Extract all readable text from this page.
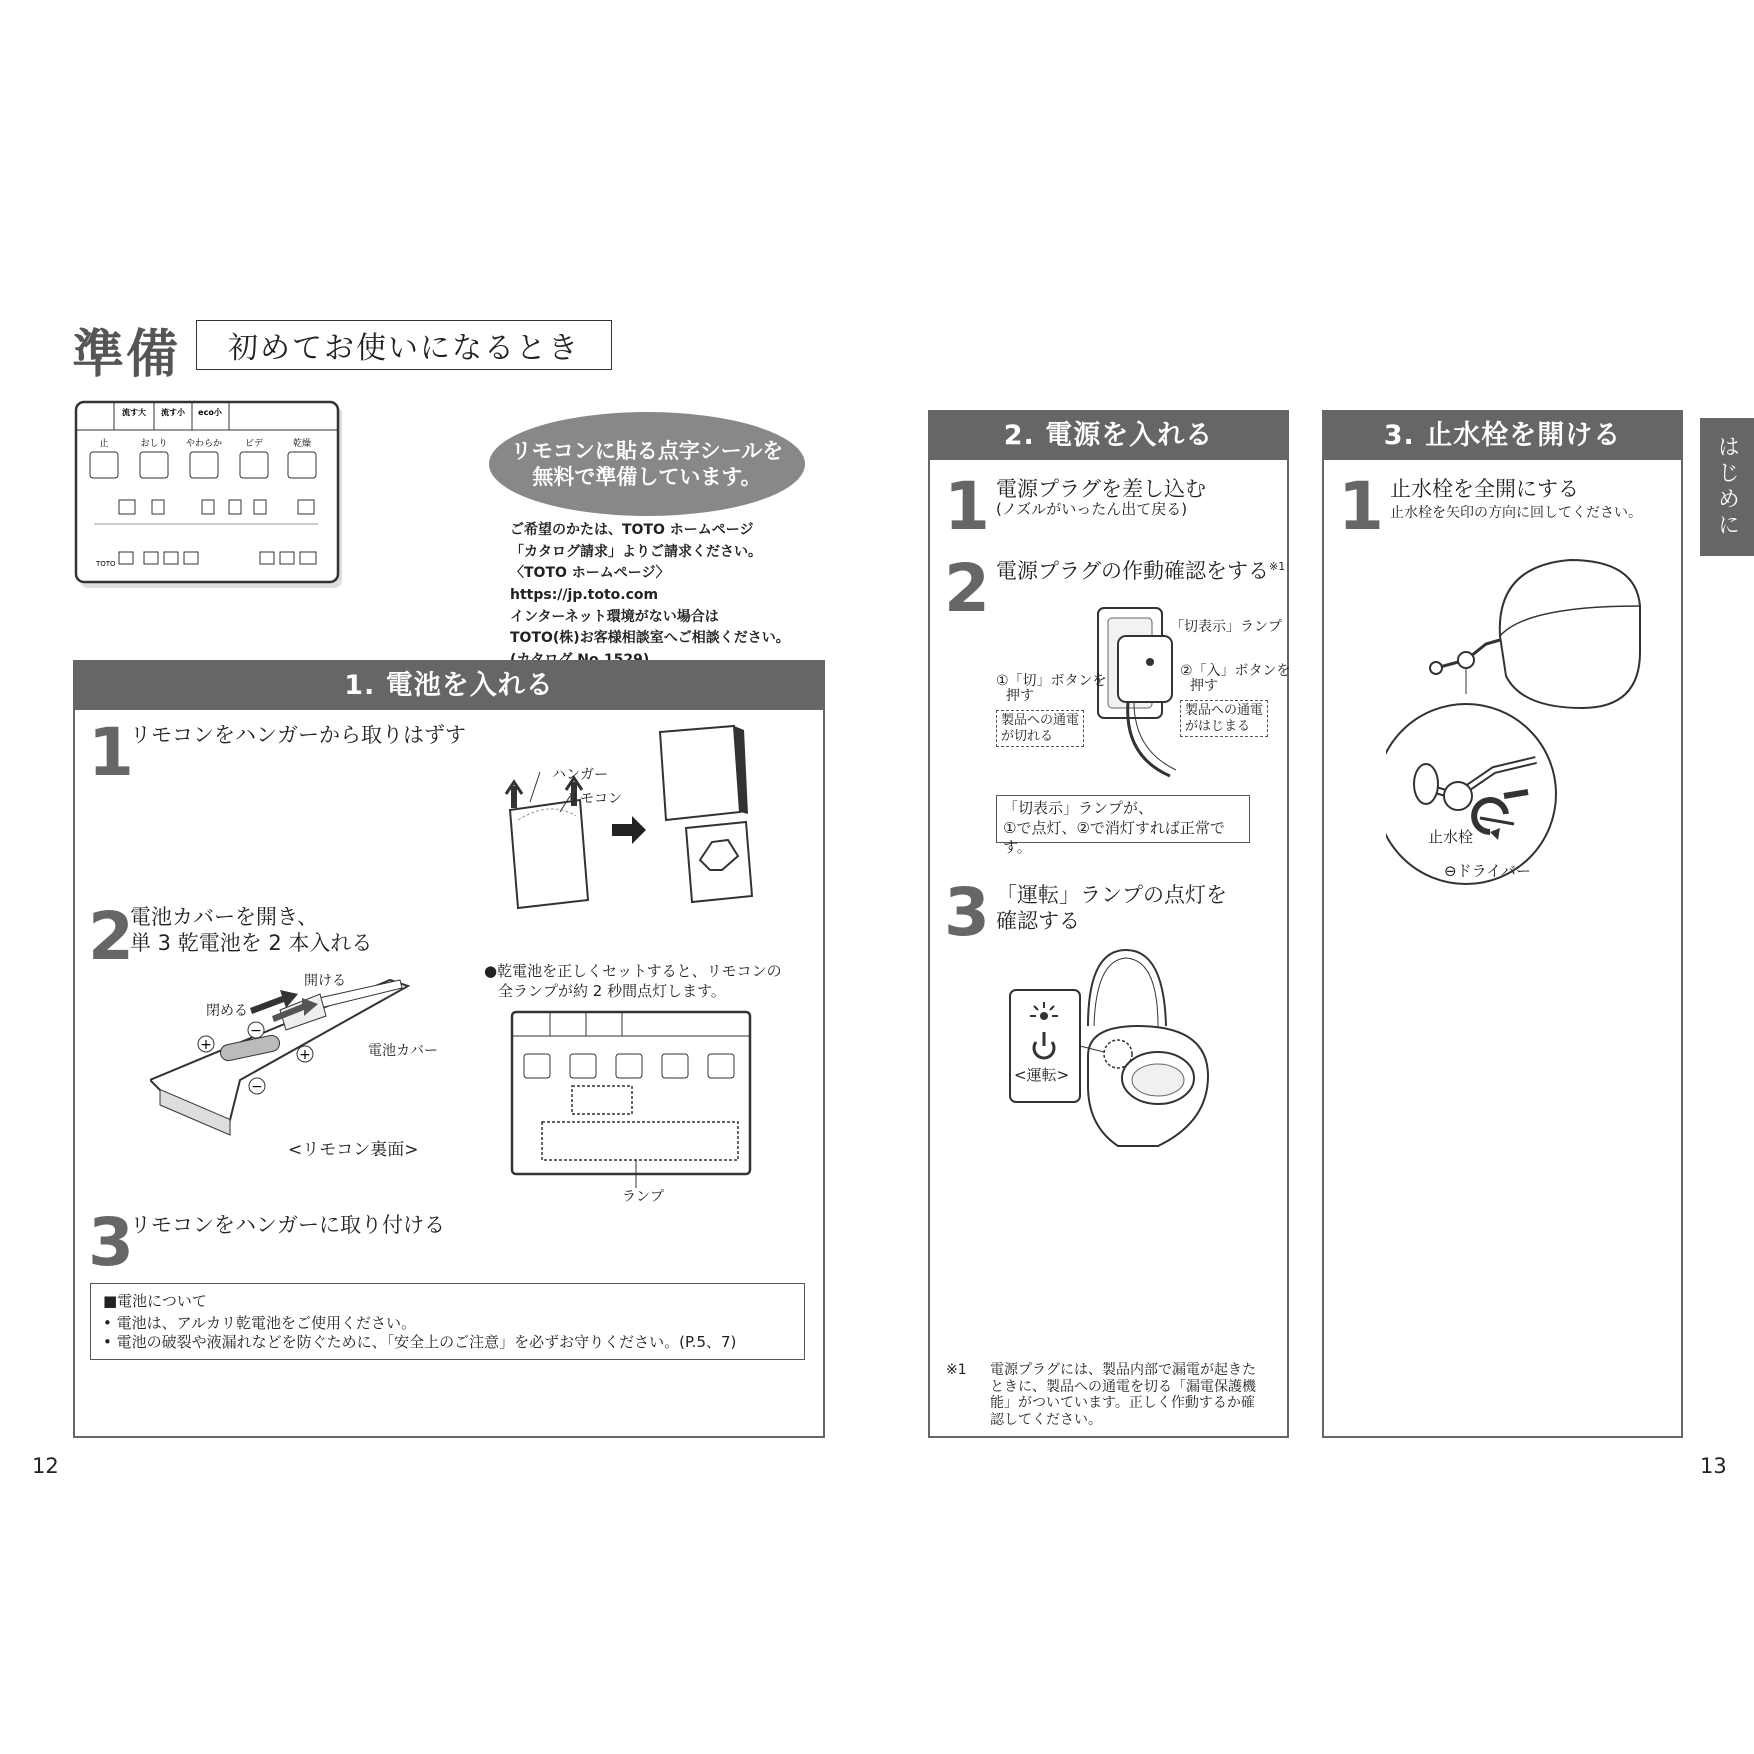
準備	初めてお使いになるとき
流す大 流す小 eco小
止	おしり やわらか	ビデ	乾燥
TOTO
リモコンに貼る点字シールを
無料で準備しています。
ご希望のかたは、TOTO ホームページ
「カタログ請求」よりご請求ください。
〈TOTO ホームページ〉 https://jp.toto.com
インターネット環境がない場合は
TOTO(株)お客様相談室へご相談ください。
1. 電池を入れる
1
リモコンをハンガーから取りはずす
ハンガー
リモコン
2
電池カバーを開き、
単 3 乾電池を 2 本入れる
+
−
+
−
開ける
閉める
電池カバー
<リモコン裏面>
●乾電池を正しくセットすると、リモコンの
全ランプが約 2 秒間点灯します。
ランプ
3
リモコンをハンガーに取り付ける
■電池について
• 電池は、アルカリ乾電池をご使用ください。
• 電池の破裂や液漏れなどを防ぐために、「安全上のご注意」を必ずお守りください。(P.5、7)
2. 電源を入れる
1 電源プラグを差し込む
(ノズルがいったん出て戻る)
2 電源プラグの作動確認をする$^{※1}$
「切表示」ランプ
①「切」ボタンを
押す
②「入」ボタンを
押す
製品への通電
が切れる
製品への通電
がはじまる
「切表示」ランプが、
①で点灯、②で消灯すれば正常です。
3 「運転」ランプの点灯を
確認する
<運転>
※1 電源プラグには、製品内部で漏電が起きた
ときに、製品への通電を切る「漏電保護機
能」がついています。正しく作動するか確
認してください。
3. 止水栓を開ける
1 止水栓を全開にする
止水栓を矢印の方向に回してください。
止水栓
⊖ドライバー
はじめに
12	13
